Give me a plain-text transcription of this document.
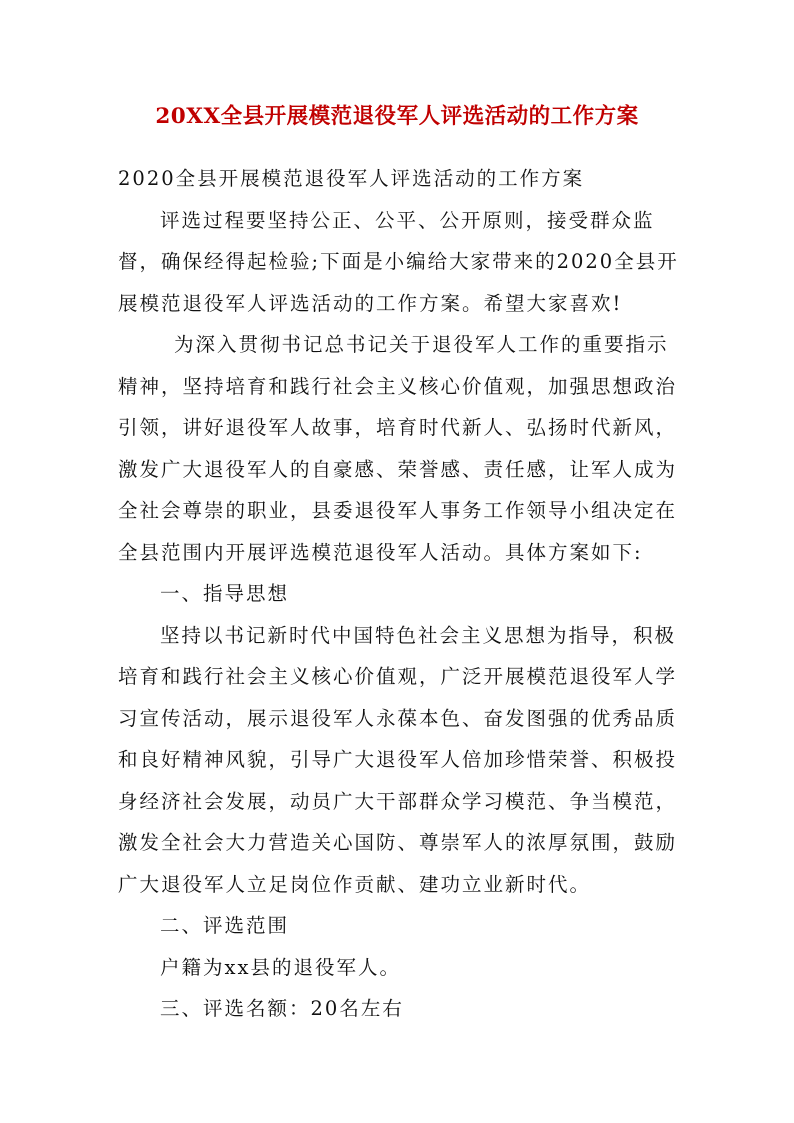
20XX全县开展模范退役军人评选活动的工作方案

2020全县开展模范退役军人评选活动的工作方案

评选过程要坚持公正、公平、公开原则，接受群众监督，确保经得起检验;下面是小编给大家带来的2020全县开展模范退役军人评选活动的工作方案。希望大家喜欢!

为深入贯彻书记总书记关于退役军人工作的重要指示精神，坚持培育和践行社会主义核心价值观，加强思想政治引领，讲好退役军人故事，培育时代新人、弘扬时代新风，激发广大退役军人的自豪感、荣誉感、责任感，让军人成为全社会尊崇的职业，县委退役军人事务工作领导小组决定在全县范围内开展评选模范退役军人活动。具体方案如下:

一、指导思想

坚持以书记新时代中国特色社会主义思想为指导，积极培育和践行社会主义核心价值观，广泛开展模范退役军人学习宣传活动，展示退役军人永葆本色、奋发图强的优秀品质和良好精神风貌，引导广大退役军人倍加珍惜荣誉、积极投身经济社会发展，动员广大干部群众学习模范、争当模范，激发全社会大力营造关心国防、尊崇军人的浓厚氛围，鼓励广大退役军人立足岗位作贡献、建功立业新时代。

二、评选范围

户籍为xx县的退役军人。

三、评选名额：20名左右
